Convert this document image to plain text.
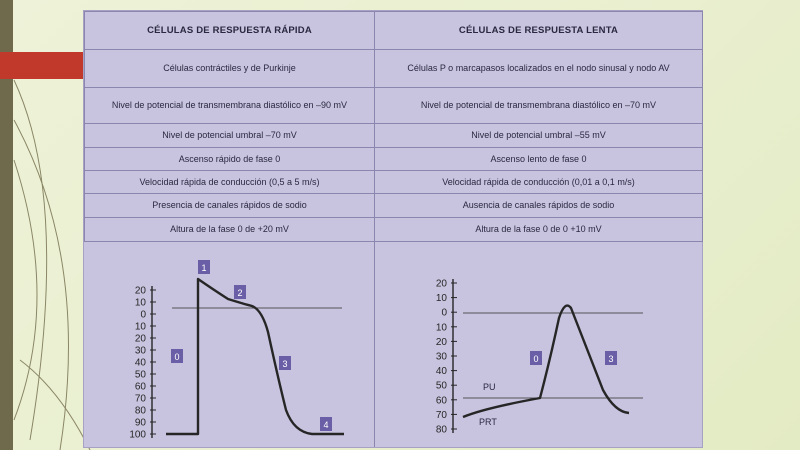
CÉLULAS DE RESPUESTA RÁPIDA	CÉLULAS DE RESPUESTA LENTA
Células contráctiles y de Purkinje	Células P o marcapasos localizados en el nodo sinusal y nodo AV
Nivel de potencial de transmembrana diastólico en –90 mV	Nivel de potencial de transmembrana diastólico en –70 mV
Nivel de potencial umbral –70 mV	Nivel de potencial umbral –55 mV
Ascenso rápido de fase 0	Ascenso lento de fase 0
Velocidad rápida de conducción (0,5 a 5 m/s)	Velocidad rápida de conducción (0,01 a 0,1 m/s)
Presencia de canales rápidos de sodio	Ausencia de canales rápidos de sodio
Altura de la fase 0 de +20 mV	Altura de la fase 0 de 0 +10 mV
20
10
0
10
20
30
40
50
60
70
80
90
100
0
1
2
3
4
20
10
0
10
20
30
40
50
60
70
80
PU
PRT
0	3
